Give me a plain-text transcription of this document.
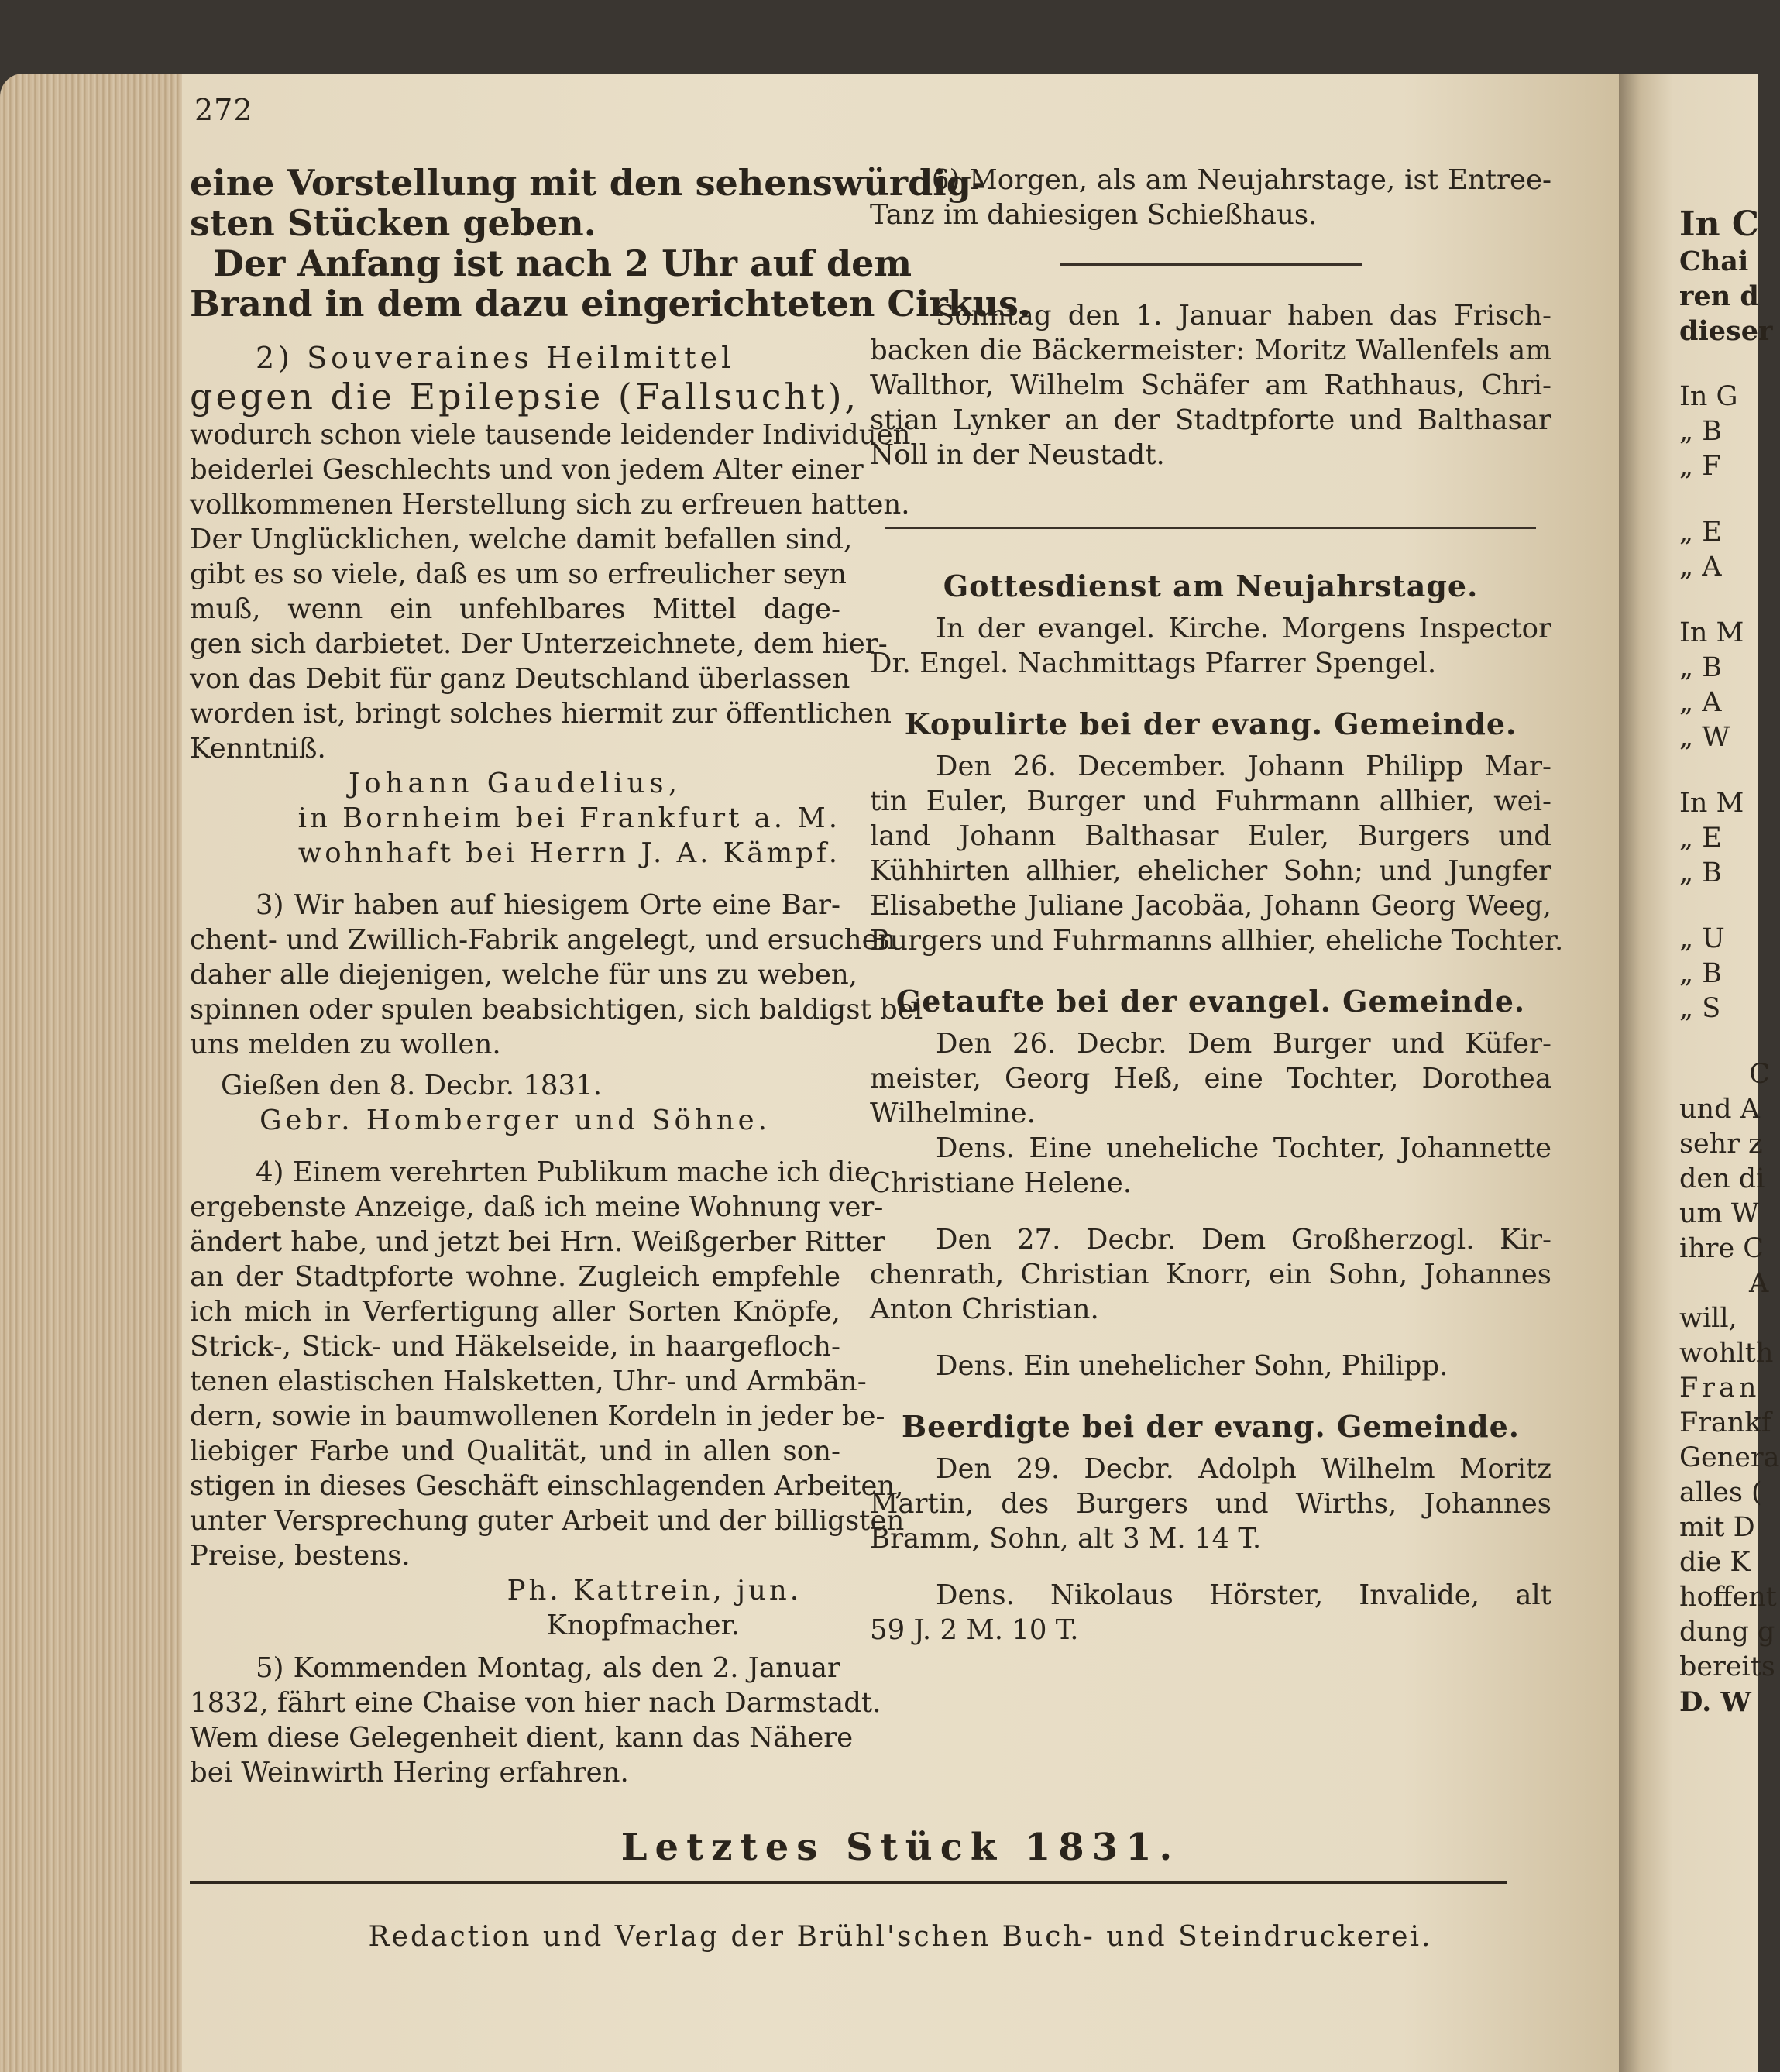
272
eine Vorstellung mit den sehenswürdig-
sten Stücken geben.
Der Anfang ist nach 2 Uhr auf dem
Brand in dem dazu eingerichteten Cirkus.
2) Souveraines Heilmittel
gegen die Epilepsie (Fallsucht),
wodurch schon viele tausende leidender Individuen
beiderlei Geschlechts und von jedem Alter einer
vollkommenen Herstellung sich zu erfreuen hatten.
Der Unglücklichen, welche damit befallen sind,
gibt es so viele, daß es um so erfreulicher seyn
muß, wenn ein unfehlbares Mittel dage-
gen sich darbietet. Der Unterzeichnete, dem hier-
von das Debit für ganz Deutschland überlassen
worden ist, bringt solches hiermit zur öffentlichen
Kenntniß.
Johann Gaudelius,
in Bornheim bei Frankfurt a. M.
wohnhaft bei Herrn J. A. Kämpf.
3) Wir haben auf hiesigem Orte eine Bar-
chent- und Zwillich-Fabrik angelegt, und ersuchen
daher alle diejenigen, welche für uns zu weben,
spinnen oder spulen beabsichtigen, sich baldigst bei
uns melden zu wollen.
Gießen den 8. Decbr. 1831.
Gebr. Homberger und Söhne.
4) Einem verehrten Publikum mache ich die
ergebenste Anzeige, daß ich meine Wohnung ver-
ändert habe, und jetzt bei Hrn. Weißgerber Ritter
an der Stadtpforte wohne. Zugleich empfehle
ich mich in Verfertigung aller Sorten Knöpfe,
Strick-, Stick- und Häkelseide, in haargefloch-
tenen elastischen Halsketten, Uhr- und Armbän-
dern, sowie in baumwollenen Kordeln in jeder be-
liebiger Farbe und Qualität, und in allen son-
stigen in dieses Geschäft einschlagenden Arbeiten,
unter Versprechung guter Arbeit und der billigsten
Preise, bestens.
Ph. Kattrein, jun.
Knopfmacher.
5) Kommenden Montag, als den 2. Januar
1832, fährt eine Chaise von hier nach Darmstadt.
Wem diese Gelegenheit dient, kann das Nähere
bei Weinwirth Hering erfahren.
6) Morgen, als am Neujahrstage, ist Entree-
Tanz im dahiesigen Schießhaus.
Sonntag den 1. Januar haben das Frisch-
backen die Bäckermeister: Moritz Wallenfels am
Wallthor, Wilhelm Schäfer am Rathhaus, Chri-
stian Lynker an der Stadtpforte und Balthasar
Noll in der Neustadt.
Gottesdienst am Neujahrstage.
In der evangel. Kirche. Morgens Inspector
Dr. Engel. Nachmittags Pfarrer Spengel.
Kopulirte bei der evang. Gemeinde.
Den 26. December. Johann Philipp Mar-
tin Euler, Burger und Fuhrmann allhier, wei-
land Johann Balthasar Euler, Burgers und
Kühhirten allhier, ehelicher Sohn; und Jungfer
Elisabethe Juliane Jacobäa, Johann Georg Weeg,
Burgers und Fuhrmanns allhier, eheliche Tochter.
Getaufte bei der evangel. Gemeinde.
Den 26. Decbr. Dem Burger und Küfer-
meister, Georg Heß, eine Tochter, Dorothea
Wilhelmine.
Dens. Eine uneheliche Tochter, Johannette
Christiane Helene.
Den 27. Decbr. Dem Großherzogl. Kir-
chenrath, Christian Knorr, ein Sohn, Johannes
Anton Christian.
Dens. Ein unehelicher Sohn, Philipp.
Beerdigte bei der evang. Gemeinde.
Den 29. Decbr. Adolph Wilhelm Moritz
Martin, des Burgers und Wirths, Johannes
Bramm, Sohn, alt 3 M. 14 T.
Dens. Nikolaus Hörster, Invalide, alt
59 J. 2 M. 10 T.
Letztes Stück 1831.
Redaction und Verlag der Brühl'schen Buch- und Steindruckerei.
In C
Chai
ren d
dieser
In G
„ B
„ F
„ E
„ A
In M
„ B
„ A
„ W
In M
„ E
„ B
„ U
„ B
„ S
C
und A
sehr z
den di
um W
ihre C
A
will,
wohlth
Fran
Frankf
Genera
alles (
mit D
die K
hoffent
dung g
bereits
D. W
